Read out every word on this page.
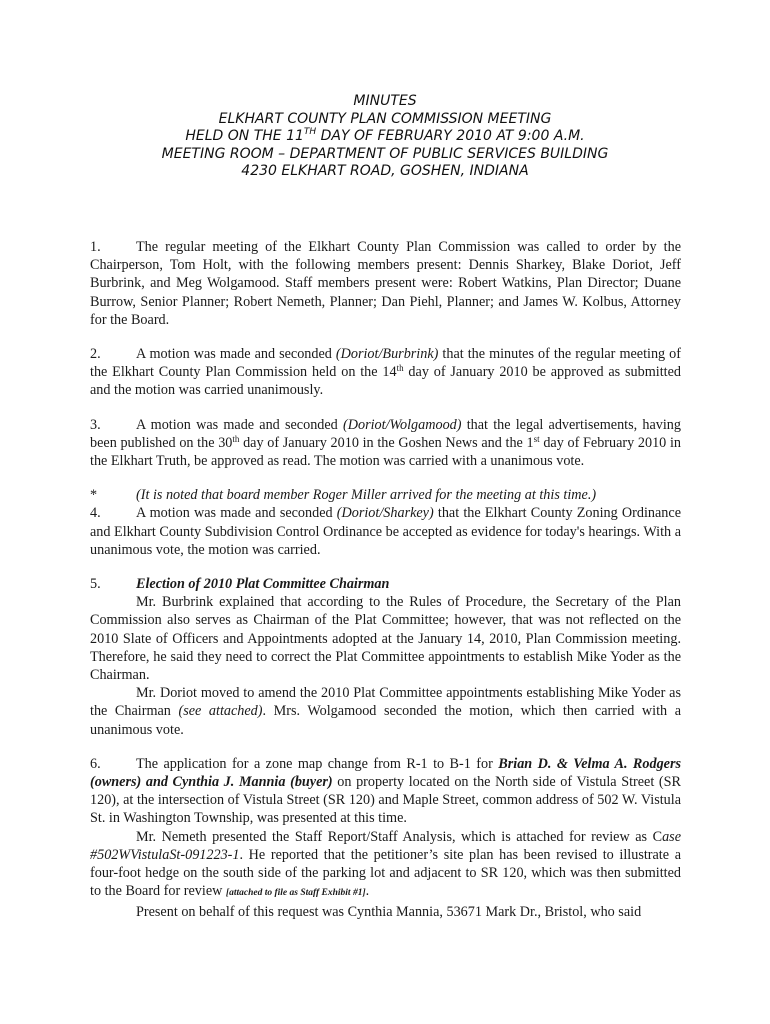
MINUTES
ELKHART COUNTY PLAN COMMISSION MEETING
HELD ON THE 11TH DAY OF FEBRUARY 2010 AT 9:00 A.M.
MEETING ROOM – DEPARTMENT OF PUBLIC SERVICES BUILDING
4230 ELKHART ROAD, GOSHEN, INDIANA

1. The regular meeting of the Elkhart County Plan Commission was called to order by the Chairperson, Tom Holt, with the following members present: Dennis Sharkey, Blake Doriot, Jeff Burbrink, and Meg Wolgamood. Staff members present were: Robert Watkins, Plan Director; Duane Burrow, Senior Planner; Robert Nemeth, Planner; Dan Piehl, Planner; and James W. Kolbus, Attorney for the Board.

2. A motion was made and seconded (Doriot/Burbrink) that the minutes of the regular meeting of the Elkhart County Plan Commission held on the 14th day of January 2010 be approved as submitted and the motion was carried unanimously.

3. A motion was made and seconded (Doriot/Wolgamood) that the legal advertisements, having been published on the 30th day of January 2010 in the Goshen News and the 1st day of February 2010 in the Elkhart Truth, be approved as read. The motion was carried with a unanimous vote.

*	(It is noted that board member Roger Miller arrived for the meeting at this time.)

4. A motion was made and seconded (Doriot/Sharkey) that the Elkhart County Zoning Ordinance and Elkhart County Subdivision Control Ordinance be accepted as evidence for today's hearings. With a unanimous vote, the motion was carried.

5. Election of 2010 Plat Committee Chairman

Mr. Burbrink explained that according to the Rules of Procedure, the Secretary of the Plan Commission also serves as Chairman of the Plat Committee; however, that was not reflected on the 2010 Slate of Officers and Appointments adopted at the January 14, 2010, Plan Commission meeting. Therefore, he said they need to correct the Plat Committee appointments to establish Mike Yoder as the Chairman.

Mr. Doriot moved to amend the 2010 Plat Committee appointments establishing Mike Yoder as the Chairman (see attached). Mrs. Wolgamood seconded the motion, which then carried with a unanimous vote.

6. The application for a zone map change from R-1 to B-1 for Brian D. & Velma A. Rodgers (owners) and Cynthia J. Mannia (buyer) on property located on the North side of Vistula Street (SR 120), at the intersection of Vistula Street (SR 120) and Maple Street, common address of 502 W. Vistula St. in Washington Township, was presented at this time.

Mr. Nemeth presented the Staff Report/Staff Analysis, which is attached for review as Case #502WVistulaSt-091223-1. He reported that the petitioner’s site plan has been revised to illustrate a four-foot hedge on the south side of the parking lot and adjacent to SR 120, which was then submitted to the Board for review [attached to file as Staff Exhibit #1].

Present on behalf of this request was Cynthia Mannia, 53671 Mark Dr., Bristol, who said
